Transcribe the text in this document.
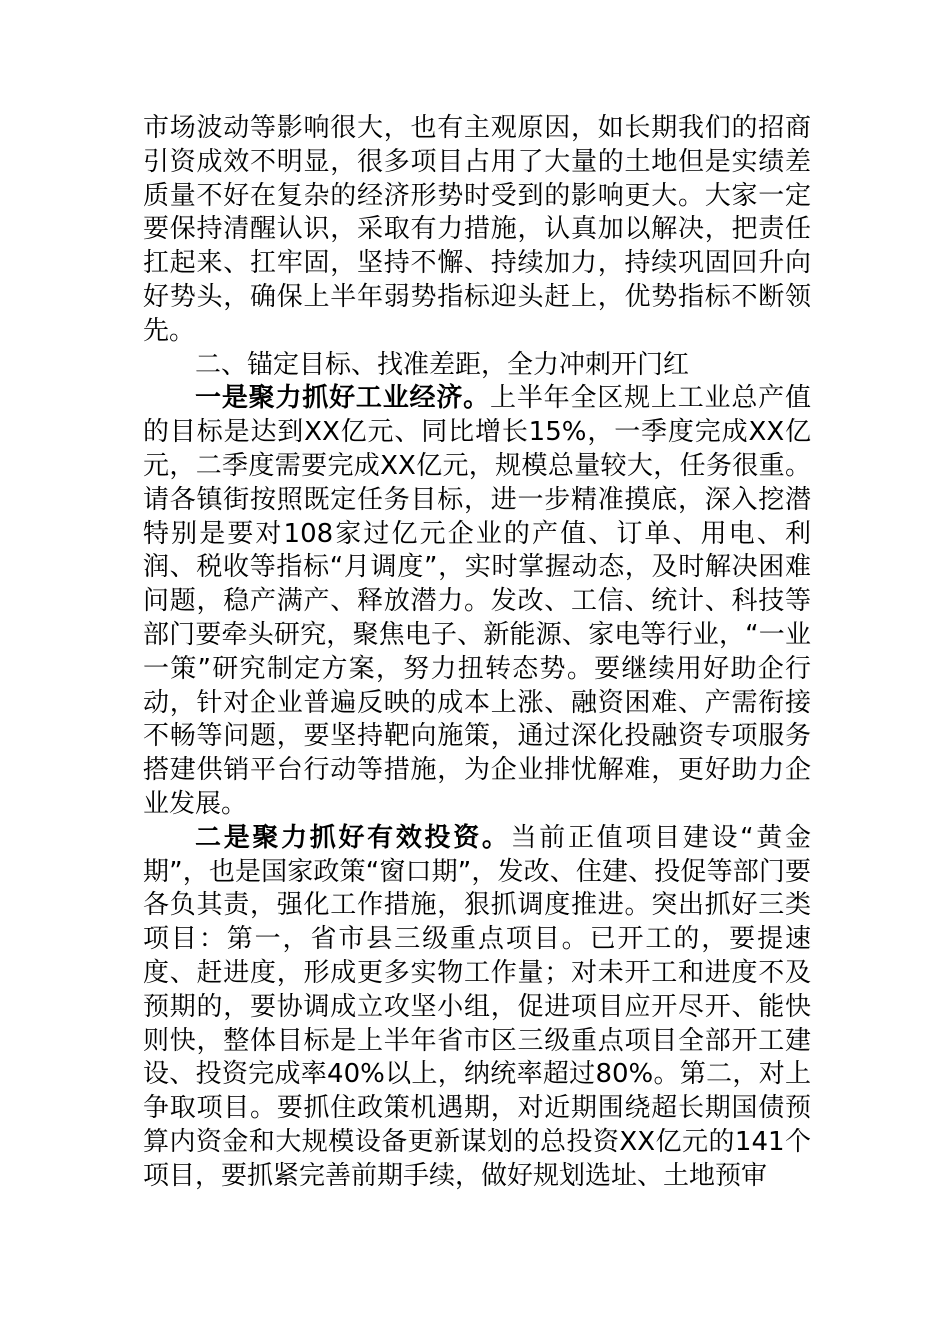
市场波动等影响很大，也有主观原因，如长期我们的招商引资成效不明显，很多项目占用了大量的土地但是实绩差质量不好在复杂的经济形势时受到的影响更大。大家一定要保持清醒认识，采取有力措施，认真加以解决，把责任扛起来、扛牢固，坚持不懈、持续加力，持续巩固回升向好势头，确保上半年弱势指标迎头赶上，优势指标不断领先。

二、锚定目标、找准差距，全力冲刺开门红

一是聚力抓好工业经济。上半年全区规上工业总产值的目标是达到XX亿元、同比增长15%，一季度完成XX亿元，二季度需要完成XX亿元，规模总量较大，任务很重。请各镇街按照既定任务目标，进一步精准摸底，深入挖潜特别是要对108家过亿元企业的产值、订单、用电、利润、税收等指标“月调度”，实时掌握动态，及时解决困难问题，稳产满产、释放潜力。发改、工信、统计、科技等部门要牵头研究，聚焦电子、新能源、家电等行业，“一业一策”研究制定方案，努力扭转态势。要继续用好助企行动，针对企业普遍反映的成本上涨、融资困难、产需衔接不畅等问题，要坚持靶向施策，通过深化投融资专项服务搭建供销平台行动等措施，为企业排忧解难，更好助力企业发展。

二是聚力抓好有效投资。当前正值项目建设“黄金期”，也是国家政策“窗口期”，发改、住建、投促等部门要各负其责，强化工作措施，狠抓调度推进。突出抓好三类项目：第一，省市县三级重点项目。已开工的，要提速度、赶进度，形成更多实物工作量；对未开工和进度不及预期的，要协调成立攻坚小组，促进项目应开尽开、能快则快，整体目标是上半年省市区三级重点项目全部开工建设、投资完成率40%以上，纳统率超过80%。第二，对上争取项目。要抓住政策机遇期，对近期围绕超长期国债预算内资金和大规模设备更新谋划的总投资XX亿元的141个项目，要抓紧完善前期手续，做好规划选址、土地预审
